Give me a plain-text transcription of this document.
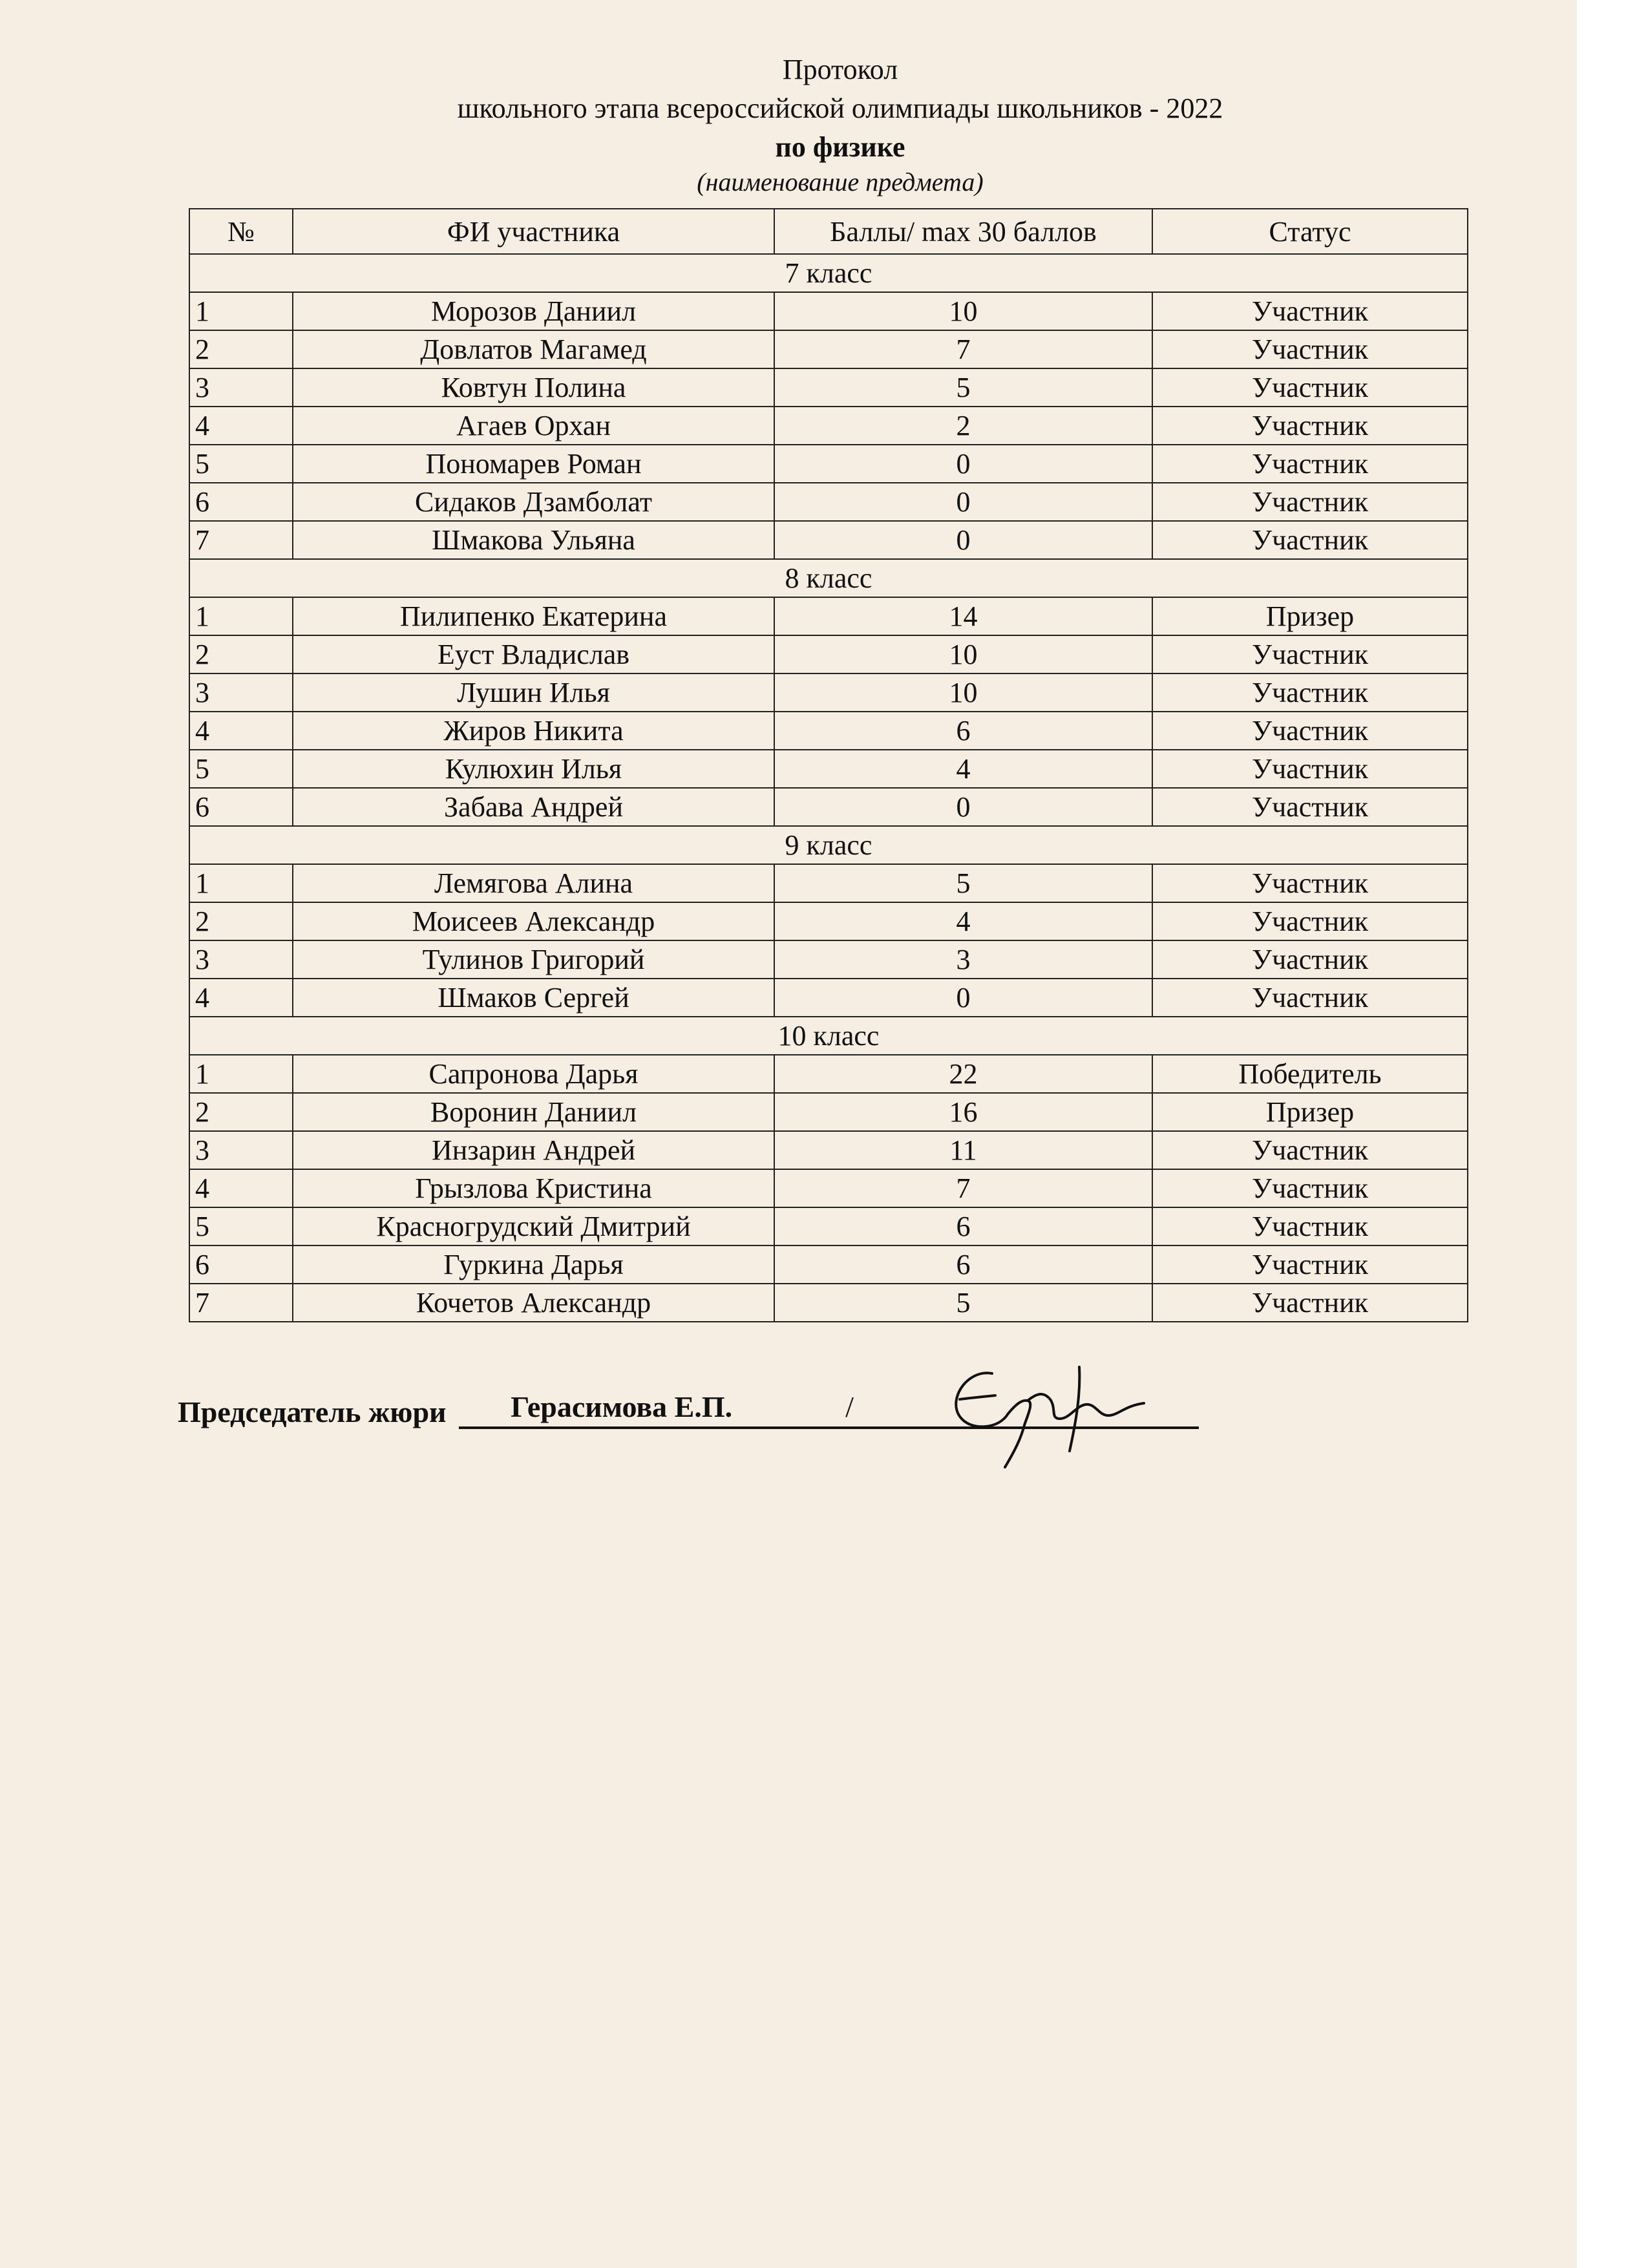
Протокол
школьного этапа всероссийской олимпиады школьников - 2022
по физике
(наименование предмета)
№	ФИ участника	Баллы/ max 30 баллов	Статус
7 класс			
1	Морозов Даниил	10	Участник
2	Довлатов Магамед	7	Участник
3	Ковтун Полина	5	Участник
4	Агаев Орхан	2	Участник
5	Пономарев Роман	0	Участник
6	Сидаков Дзамболат	0	Участник
7	Шмакова Ульяна	0	Участник
8 класс			
1	Пилипенко Екатерина	14	Призер
2	Еуст Владислав	10	Участник
3	Лушин Илья	10	Участник
4	Жиров Никита	6	Участник
5	Кулюхин Илья	4	Участник
6	Забава Андрей	0	Участник
9 класс			
1	Лемягова Алина	5	Участник
2	Моисеев Александр	4	Участник
3	Тулинов Григорий	3	Участник
4	Шмаков Сергей	0	Участник
10 класс			
1	Сапронова Дарья	22	Победитель
2	Воронин Даниил	16	Призер
3	Инзарин Андрей	11	Участник
4	Грызлова Кристина	7	Участник
5	Красногрудский Дмитрий	6	Участник
6	Гуркина Дарья	6	Участник
7	Кочетов Александр	5	Участник
Председатель жюри Герасимова Е.П.	/
